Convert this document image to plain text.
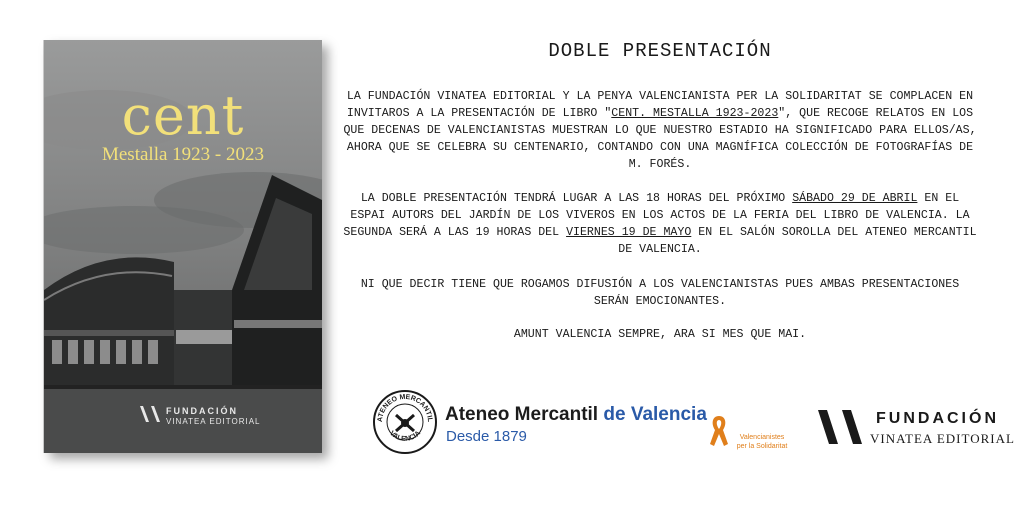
cent
Mestalla 1923 - 2023
FUNDACIÓN
VINATEA EDITORIAL
DOBLE PRESENTACIÓN

LA FUNDACIÓN VINATEA EDITORIAL Y LA PENYA VALENCIANISTA PER LA SOLIDARITAT SE COMPLACEN EN INVITAROS A LA PRESENTACIÓN DE LIBRO "CENT. MESTALLA 1923-2023", QUE RECOGE RELATOS EN LOS QUE DECENAS DE VALENCIANISTAS MUESTRAN LO QUE NUESTRO ESTADIO HA SIGNIFICADO PARA ELLOS/AS, AHORA QUE SE CELEBRA SU CENTENARIO, CONTANDO CON UNA MAGNÍFICA COLECCIÓN DE FOTOGRAFÍAS DE M. FORÉS.

LA DOBLE PRESENTACIÓN TENDRÁ LUGAR A LAS 18 HORAS DEL PRÓXIMO SÁBADO 29 DE ABRIL EN EL ESPAI AUTORS DEL JARDÍN DE LOS VIVEROS EN LOS ACTOS DE LA FERIA DEL LIBRO DE VALENCIA. LA SEGUNDA SERÁ A LAS 19 HORAS DEL VIERNES 19 DE MAYO EN EL SALÓN SOROLLA DEL ATENEO MERCANTIL DE VALENCIA.

NI QUE DECIR TIENE QUE ROGAMOS DIFUSIÓN A LOS VALENCIANISTAS PUES AMBAS PRESENTACIONES SERÁN EMOCIONANTES.

AMUNT VALENCIA SEMPRE, ARA SI MES QUE MAI.

ATENEO MERCANTIL
VALENCIA
Ateneo Mercantil de Valencia
Desde 1879	Valencianistes
per la Solidaritat
FUNDACIÓN
VINATEA EDITORIAL
